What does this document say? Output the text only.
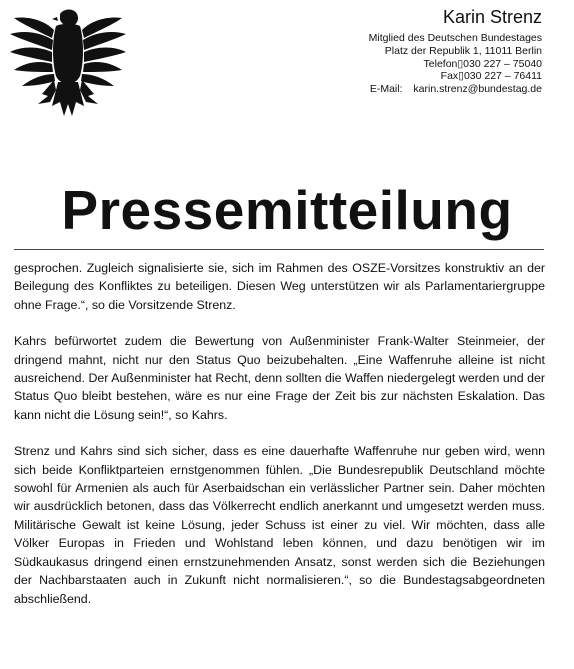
Karin Strenz
Mitglied des Deutschen Bundestages
Platz der Republik 1, 11011 Berlin
Telefon▯030 227 – 75040
Fax▯030 227 – 76411
E-Mail: karin.strenz@bundestag.de
Pressemitteilung

gesprochen. Zugleich signalisierte sie, sich im Rahmen des OSZE-Vorsitzes konstruktiv an der Beilegung des Konfliktes zu beteiligen. Diesen Weg unterstützen wir als Parlamentariergruppe ohne Frage.“, so die Vorsitzende Strenz.

Kahrs befürwortet zudem die Bewertung von Außenminister Frank-Walter Steinmeier, der dringend mahnt, nicht nur den Status Quo beizubehalten. „Eine Waffenruhe alleine ist nicht ausreichend. Der Außenminister hat Recht, denn sollten die Waffen niedergelegt werden und der Status Quo bleibt bestehen, wäre es nur eine Frage der Zeit bis zur nächsten Eskalation. Das kann nicht die Lösung sein!“, so Kahrs.

Strenz und Kahrs sind sich sicher, dass es eine dauerhafte Waffenruhe nur geben wird, wenn sich beide Konfliktparteien ernstgenommen fühlen. „Die Bundesrepublik Deutschland möchte sowohl für Armenien als auch für Aserbaidschan ein verlässlicher Partner sein. Daher möchten wir ausdrücklich betonen, dass das Völkerrecht endlich anerkannt und umgesetzt werden muss. Militärische Gewalt ist keine Lösung, jeder Schuss ist einer zu viel. Wir möchten, dass alle Völker Europas in Frieden und Wohlstand leben können, und dazu benötigen wir im Südkaukasus dringend einen ernstzunehmenden Ansatz, sonst werden sich die Beziehungen der Nachbarstaaten auch in Zukunft nicht normalisieren.“, so die Bundestagsabgeordneten abschließend.
